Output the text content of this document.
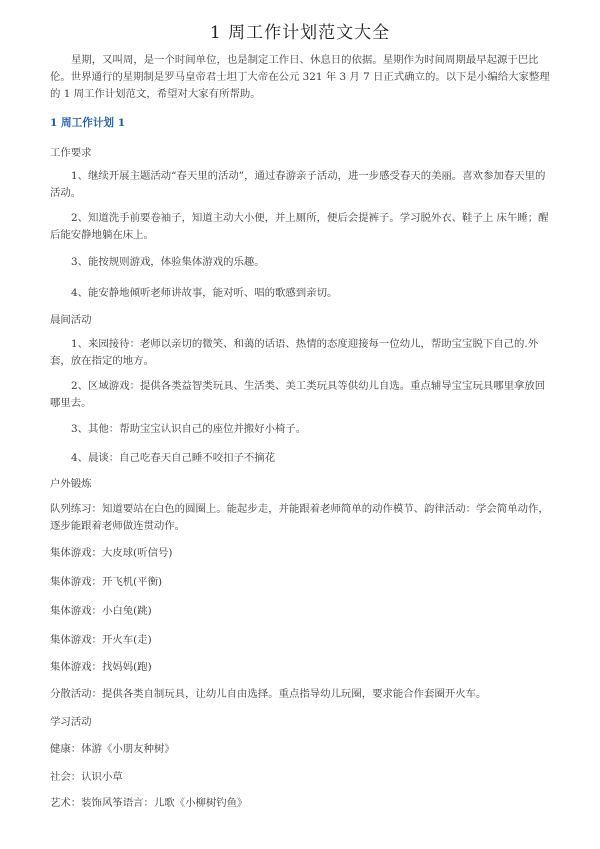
1 周工作计划范文大全

星期，又叫周，是一个时间单位，也是制定工作日、休息日的依据。星期作为时间周期最早起源于巴比伦。世界通行的星期制是罗马皇帝君士坦丁大帝在公元 321 年 3 月 7 日正式确立的。以下是小编给大家整理的 1 周工作计划范文，希望对大家有所帮助。

1 周工作计划 1

工作要求

1、继续开展主题活动“春天里的活动”，通过春游亲子活动，进一步感受春天的美丽。喜欢参加春天里的活动。

2、知道洗手前要卷袖子，知道主动大小便，并上厕所，便后会提裤子。学习脱外衣、鞋子上 床午睡；醒后能安静地躺在床上。

3、能按规则游戏，体验集体游戏的乐趣。

4、能安静地倾听老师讲故事，能对听、唱的歌感到亲切。

晨间活动

1、来园接待：老师以亲切的微笑、和蔼的话语、热情的态度迎接每一位幼儿，帮助宝宝脱下自己的.外套，放在指定的地方。

2、区域游戏：提供各类益智类玩具、生活类、美工类玩具等供幼儿自选。重点辅导宝宝玩具哪里拿放回哪里去。

3、其他：帮助宝宝认识自己的座位并搬好小椅子。

4、晨谈：自己吃春天自己睡不咬扣子不摘花

户外锻炼

队列练习：知道要站在白色的圆圈上。能起步走，并能跟着老师简单的动作模节、韵律活动：学会简单动作，逐步能跟着老师做连贯动作。

集体游戏：大皮球(听信号)

集体游戏：开飞机(平衡)

集体游戏：小白兔(跳)

集体游戏：开火车(走)

集体游戏：找妈妈(跑)

分散活动：提供各类自制玩具，让幼儿自由选择。重点指导幼儿玩圈，要求能合作套圈开火车。

学习活动

健康：体游《小朋友种树》

社会：认识小草

艺术：装饰风筝语言：儿歌《小柳树钓鱼》
